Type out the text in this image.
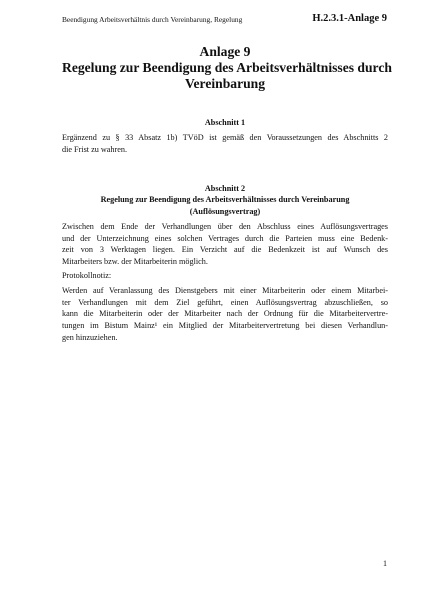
Beendigung Arbeitsverhältnis durch Vereinbarung, Regelung	H.2.3.1-Anlage 9
Anlage 9
Regelung zur Beendigung des Arbeitsverhältnisses durch
Vereinbarung
Abschnitt 1
Ergänzend zu § 33 Absatz 1b) TVöD ist gemäß den Voraussetzungen des Abschnitts 2
die Frist zu wahren.
Abschnitt 2
Regelung zur Beendigung des Arbeitsverhältnisses durch Vereinbarung
(Auflösungsvertrag)
Zwischen dem Ende der Verhandlungen über den Abschluss eines Auflösungsvertrages
und der Unterzeichnung eines solchen Vertrages durch die Parteien muss eine Bedenk-
zeit von 3 Werktagen liegen. Ein Verzicht auf die Bedenkzeit ist auf Wunsch des
Mitarbeiters bzw. der Mitarbeiterin möglich.
Protokollnotiz:
Werden auf Veranlassung des Dienstgebers mit einer Mitarbeiterin oder einem Mitarbei-
ter Verhandlungen mit dem Ziel geführt, einen Auflösungsvertrag abzuschließen, so
kann die Mitarbeiterin oder der Mitarbeiter nach der Ordnung für die Mitarbeitervertre-
tungen im Bistum Mainz¹ ein Mitglied der Mitarbeitervertretung bei diesen Verhandlun-
gen hinzuziehen.
1
